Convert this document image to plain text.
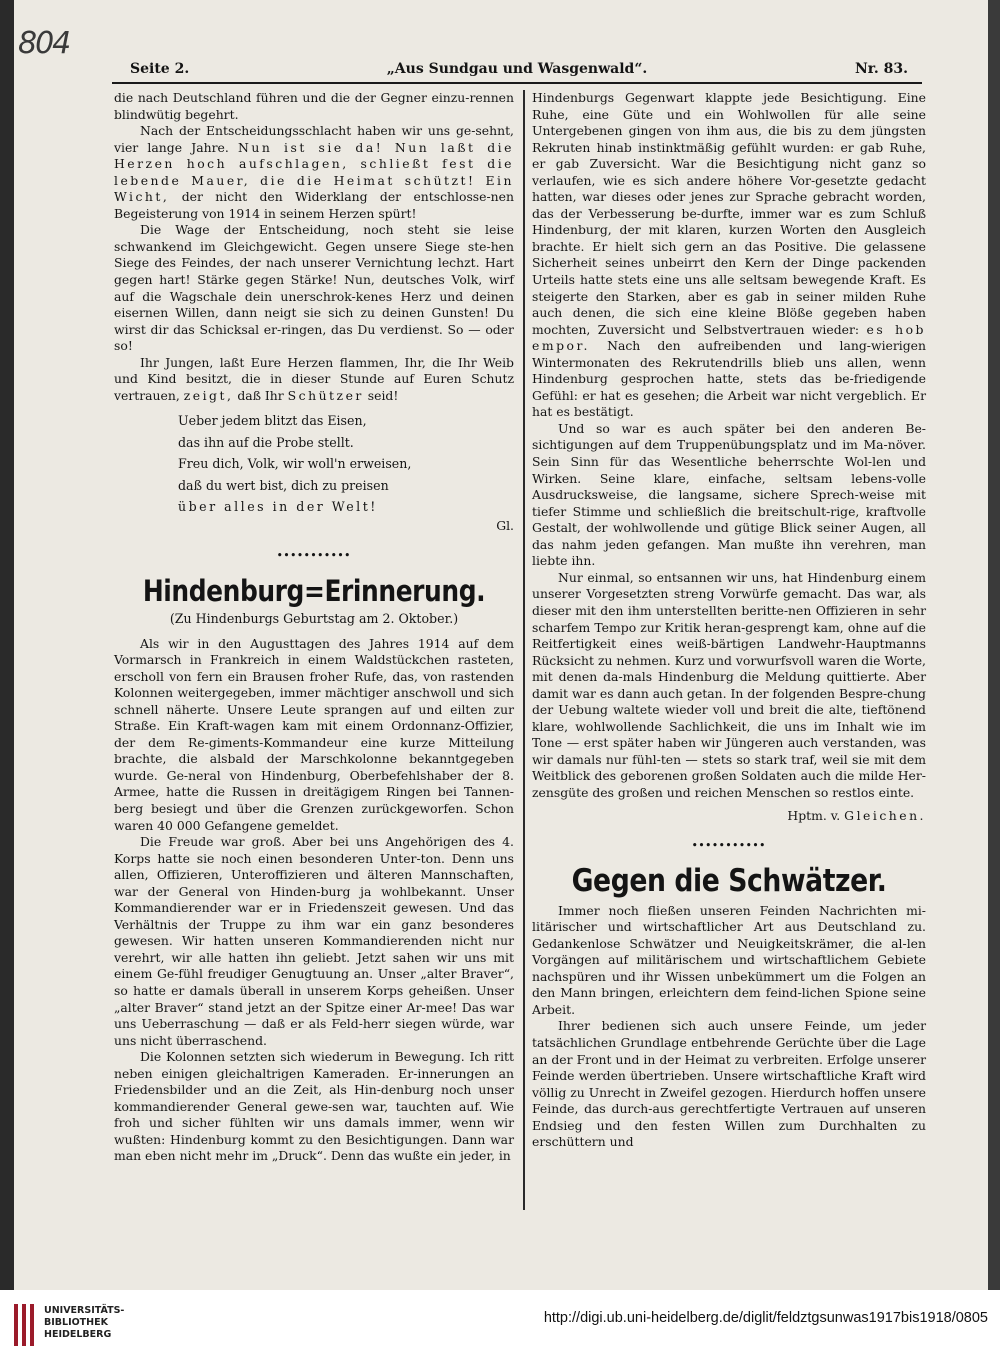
804
Seite 2.	„Aus Sundgau und Wasgenwald“.	Nr. 83.

die nach Deutschland führen und die der Gegner einzu-rennen blindwütig begehrt.

Nach der Entscheidungsschlacht haben wir uns ge-sehnt, vier lange Jahre. Nun ist sie da! Nun laßt die Herzen hoch aufschlagen, schließt fest die lebende Mauer, die die Heimat schützt! Ein Wicht, der nicht den Widerklang der entschlosse-nen Begeisterung von 1914 in seinem Herzen spürt!

Die Wage der Entscheidung, noch steht sie leise schwankend im Gleichgewicht. Gegen unsere Siege ste-hen Siege des Feindes, der nach unserer Vernichtung lechzt. Hart gegen hart! Stärke gegen Stärke! Nun, deutsches Volk, wirf auf die Wagschale dein unerschrok-kenes Herz und deinen eisernen Willen, dann neigt sie sich zu deinen Gunsten! Du wirst dir das Schicksal er-ringen, das Du verdienst. So — oder so!

Ihr Jungen, laßt Eure Herzen flammen, Ihr, die Ihr Weib und Kind besitzt, die in dieser Stunde auf Euren Schutz vertrauen, zeigt, daß Ihr Schützer seid!

Ueber jedem blitzt das Eisen,
das ihn auf die Probe stellt.
Freu dich, Volk, wir woll'n erweisen,
daß du wert bist, dich zu preisen
über alles in der Welt!

Gl.

•••••••••••
Hindenburg=Erinnerung.
(Zu Hindenburgs Geburtstag am 2. Oktober.)

Als wir in den Augusttagen des Jahres 1914 auf dem Vormarsch in Frankreich in einem Waldstückchen rasteten, erscholl von fern ein Brausen froher Rufe, das, von rastenden Kolonnen weitergegeben, immer mächtiger anschwoll und sich schnell näherte. Unsere Leute sprangen auf und eilten zur Straße. Ein Kraft-wagen kam mit einem Ordonnanz-Offizier, der dem Re-giments-Kommandeur eine kurze Mitteilung brachte, die alsbald der Marschkolonne bekanntgegeben wurde. Ge-neral von Hindenburg, Oberbefehlshaber der 8. Armee, hatte die Russen in dreitägigem Ringen bei Tannen-berg besiegt und über die Grenzen zurückgeworfen. Schon waren 40 000 Gefangene gemeldet.

Die Freude war groß. Aber bei uns Angehörigen des 4. Korps hatte sie noch einen besonderen Unter-ton. Denn uns allen, Offizieren, Unteroffizieren und älteren Mannschaften, war der General von Hinden-burg ja wohlbekannt. Unser Kommandierender war er in Friedenszeit gewesen. Und das Verhältnis der Truppe zu ihm war ein ganz besonderes gewesen. Wir hatten unseren Kommandierenden nicht nur verehrt, wir alle hatten ihn geliebt. Jetzt sahen wir uns mit einem Ge-fühl freudiger Genugtuung an. Unser „alter Braver“, so hatte er damals überall in unserem Korps geheißen. Unser „alter Braver“ stand jetzt an der Spitze einer Ar-mee! Das war uns Ueberraschung — daß er als Feld-herr siegen würde, war uns nicht überraschend.

Die Kolonnen setzten sich wiederum in Bewegung. Ich ritt neben einigen gleichaltrigen Kameraden. Er-innerungen an Friedensbilder und an die Zeit, als Hin-denburg noch unser kommandierender General gewe-sen war, tauchten auf. Wie froh und sicher fühlten wir uns damals immer, wenn wir wußten: Hindenburg kommt zu den Besichtigungen. Dann war man eben nicht mehr im „Druck“. Denn das wußte ein jeder, in

Hindenburgs Gegenwart klappte jede Besichtigung. Eine Ruhe, eine Güte und ein Wohlwollen für alle seine Untergebenen gingen von ihm aus, die bis zu dem jüngsten Rekruten hinab instinktmäßig gefühlt wurden: er gab Ruhe, er gab Zuversicht. War die Besichtigung nicht ganz so verlaufen, wie es sich andere höhere Vor-gesetzte gedacht hatten, war dieses oder jenes zur Sprache gebracht worden, das der Verbesserung be-durfte, immer war es zum Schluß Hindenburg, der mit klaren, kurzen Worten den Ausgleich brachte. Er hielt sich gern an das Positive. Die gelassene Sicherheit seines unbeirrt den Kern der Dinge packenden Urteils hatte stets eine uns alle seltsam bewegende Kraft. Es steigerte den Starken, aber es gab in seiner milden Ruhe auch denen, die sich eine kleine Blöße gegeben haben mochten, Zuversicht und Selbstvertrauen wieder: es hob empor. Nach den aufreibenden und lang-wierigen Wintermonaten des Rekrutendrills blieb uns allen, wenn Hindenburg gesprochen hatte, stets das be-friedigende Gefühl: er hat es gesehen; die Arbeit war nicht vergeblich. Er hat es bestätigt.

Und so war es auch später bei den anderen Be-sichtigungen auf dem Truppenübungsplatz und im Ma-növer. Sein Sinn für das Wesentliche beherrschte Wol-len und Wirken. Seine klare, einfache, seltsam lebens-volle Ausdrucksweise, die langsame, sichere Sprech-weise mit tiefer Stimme und schließlich die breitschult-rige, kraftvolle Gestalt, der wohlwollende und gütige Blick seiner Augen, all das nahm jeden gefangen. Man mußte ihn verehren, man liebte ihn.

Nur einmal, so entsannen wir uns, hat Hindenburg einem unserer Vorgesetzten streng Vorwürfe gemacht. Das war, als dieser mit den ihm unterstellten beritte-nen Offizieren in sehr scharfem Tempo zur Kritik heran-gesprengt kam, ohne auf die Reitfertigkeit eines weiß-bärtigen Landwehr-Hauptmanns Rücksicht zu nehmen. Kurz und vorwurfsvoll waren die Worte, mit denen da-mals Hindenburg die Meldung quittierte. Aber damit war es dann auch getan. In der folgenden Bespre-chung der Uebung waltete wieder voll und breit die alte, tieftönend klare, wohlwollende Sachlichkeit, die uns im Inhalt wie im Tone — erst später haben wir Jüngeren auch verstanden, was wir damals nur fühl-ten — stets so stark traf, weil sie mit dem Weitblick des geborenen großen Soldaten auch die milde Her-zensgüte des großen und reichen Menschen so restlos einte.

Hptm. v. Gleichen.

•••••••••••
Gegen die Schwätzer.

Immer noch fließen unseren Feinden Nachrichten mi-litärischer und wirtschaftlicher Art aus Deutschland zu. Gedankenlose Schwätzer und Neuigkeitskrämer, die al-len Vorgängen auf militärischem und wirtschaftlichem Gebiete nachspüren und ihr Wissen unbekümmert um die Folgen an den Mann bringen, erleichtern dem feind-lichen Spione seine Arbeit.

Ihrer bedienen sich auch unsere Feinde, um jeder tatsächlichen Grundlage entbehrende Gerüchte über die Lage an der Front und in der Heimat zu verbreiten. Erfolge unserer Feinde werden übertrieben. Unsere wirtschaftliche Kraft wird völlig zu Unrecht in Zweifel gezogen. Hierdurch hoffen unsere Feinde, das durch-aus gerechtfertigte Vertrauen auf unseren Endsieg und den festen Willen zum Durchhalten zu erschüttern und

UNIVERSITÄTS-
BIBLIOTHEK
HEIDELBERG
http://digi.ub.uni-heidelberg.de/diglit/feldztgsunwas1917bis1918/0805
